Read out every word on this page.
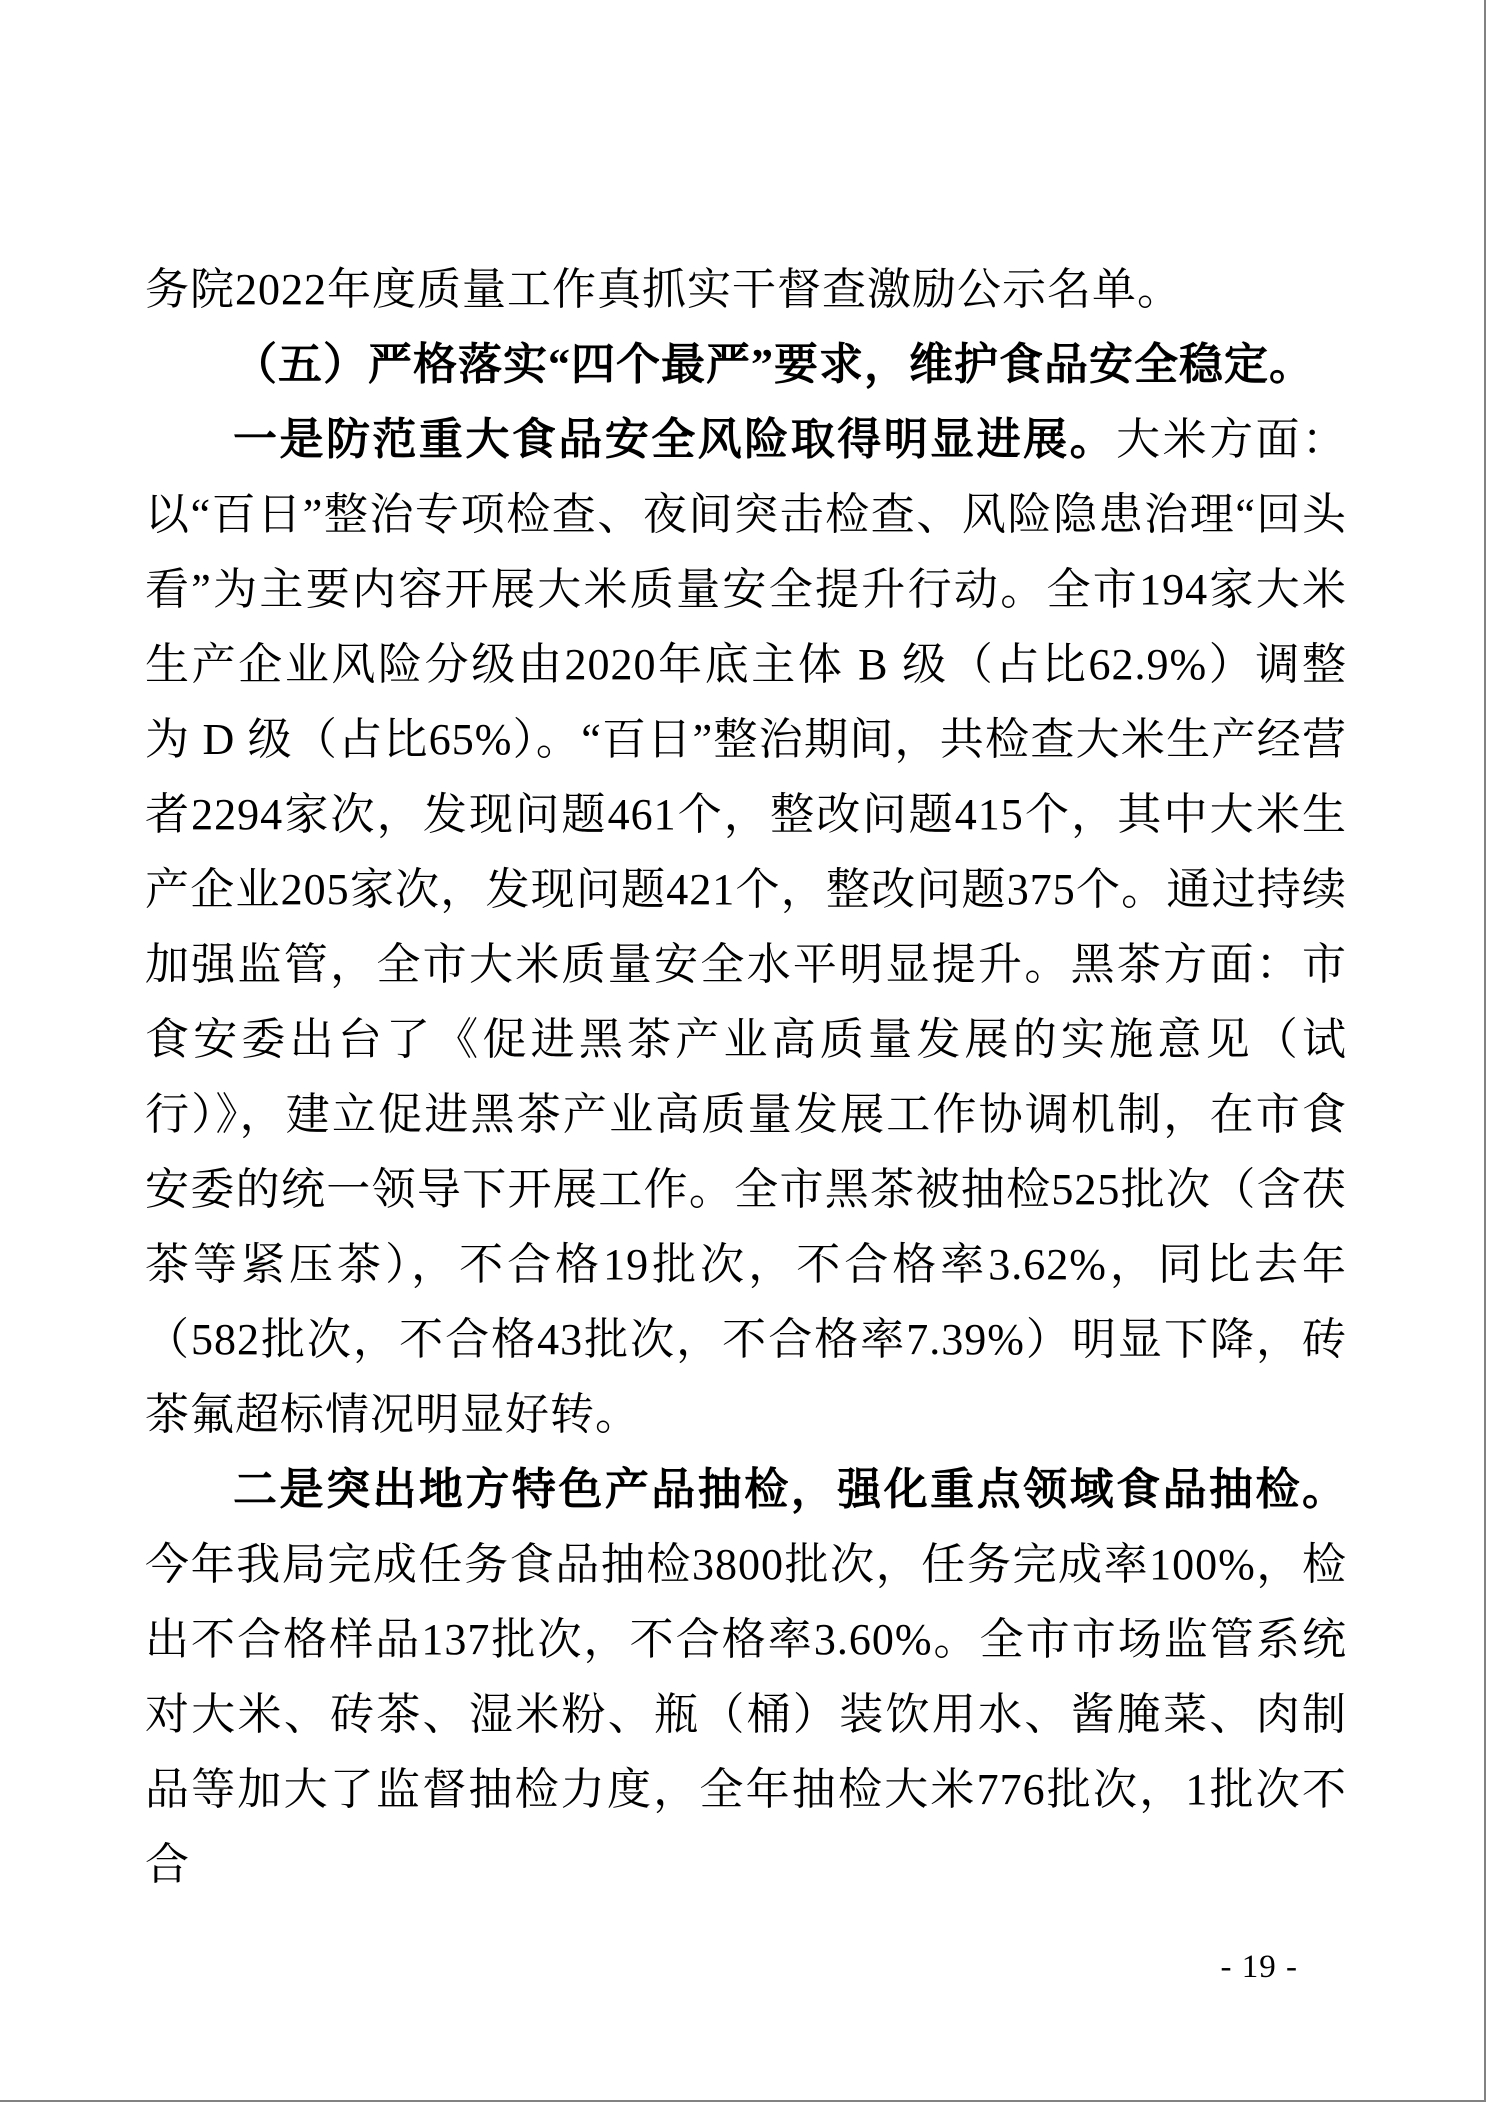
务院2022年度质量工作真抓实干督查激励公示名单。

（五）严格落实“四个最严”要求，维护食品安全稳定。

一是防范重大食品安全风险取得明显进展。大米方面：以“百日”整治专项检查、夜间突击检查、风险隐患治理“回头看”为主要内容开展大米质量安全提升行动。全市194家大米生产企业风险分级由2020年底主体 B 级（占比62.9%）调整为 D 级（占比65%）。“百日”整治期间，共检查大米生产经营者2294家次，发现问题461个，整改问题415个，其中大米生产企业205家次，发现问题421个，整改问题375个。通过持续加强监管，全市大米质量安全水平明显提升。黑茶方面：市食安委出台了《促进黑茶产业高质量发展的实施意见（试行）》，建立促进黑茶产业高质量发展工作协调机制，在市食安委的统一领导下开展工作。全市黑茶被抽检525批次（含茯茶等紧压茶），不合格19批次，不合格率3.62%，同比去年（582批次，不合格43批次，不合格率7.39%）明显下降，砖茶氟超标情况明显好转。

二是突出地方特色产品抽检，强化重点领域食品抽检。今年我局完成任务食品抽检3800批次，任务完成率100%，检出不合格样品137批次，不合格率3.60%。全市市场监管系统对大米、砖茶、湿米粉、瓶（桶）装饮用水、酱腌菜、肉制品等加大了监督抽检力度，全年抽检大米776批次，1批次不合

- 19 -
